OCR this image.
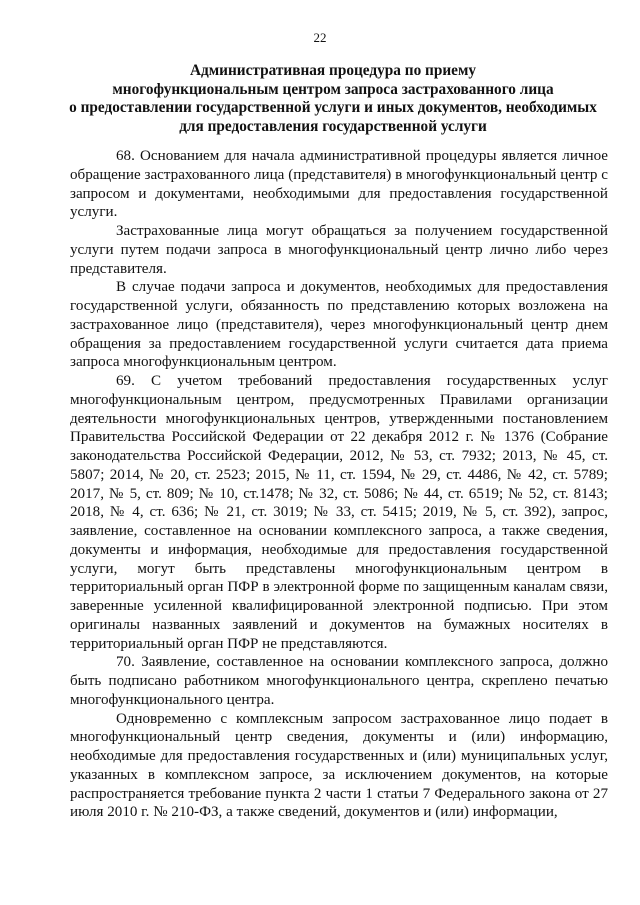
22
Административная процедура по приему
многофункциональным центром запроса застрахованного лица
о предоставлении государственной услуги и иных документов, необходимых
для предоставления государственной услуги

68. Основанием для начала административной процедуры является личное обращение застрахованного лица (представителя) в многофункциональный центр с запросом и документами, необходимыми для предоставления государственной услуги.

Застрахованные лица могут обращаться за получением государственной услуги путем подачи запроса в многофункциональный центр лично либо через представителя.

В случае подачи запроса и документов, необходимых для предоставления государственной услуги, обязанность по представлению которых возложена на застрахованное лицо (представителя), через многофункциональный центр днем обращения за предоставлением государственной услуги считается дата приема запроса многофункциональным центром.

69. С учетом требований предоставления государственных услуг многофункциональным центром, предусмотренных Правилами организации деятельности многофункциональных центров, утвержденными постановлением Правительства Российской Федерации от 22 декабря 2012 г. № 1376 (Собрание законодательства Российской Федерации, 2012, № 53, ст. 7932; 2013, № 45, ст. 5807; 2014, № 20, ст. 2523; 2015, № 11, ст. 1594, № 29, ст. 4486, № 42, ст. 5789; 2017, № 5, ст. 809; № 10, ст.1478; № 32, ст. 5086; № 44, ст. 6519; № 52, ст. 8143; 2018, № 4, ст. 636; № 21, ст. 3019; № 33, ст. 5415; 2019, № 5, ст. 392), запрос, заявление, составленное на основании комплексного запроса, а также сведения, документы и информация, необходимые для предоставления государственной услуги, могут быть представлены многофункциональным центром в территориальный орган ПФР в электронной форме по защищенным каналам связи, заверенные усиленной квалифицированной электронной подписью. При этом оригиналы названных заявлений и документов на бумажных носителях в территориальный орган ПФР не представляются.

70. Заявление, составленное на основании комплексного запроса, должно быть подписано работником многофункционального центра, скреплено печатью многофункционального центра.

Одновременно с комплексным запросом застрахованное лицо подает в многофункциональный центр сведения, документы и (или) информацию, необходимые для предоставления государственных и (или) муниципальных услуг, указанных в комплексном запросе, за исключением документов, на которые распространяется требование пункта 2 части 1 статьи 7 Федерального закона от 27 июля 2010 г. № 210-ФЗ, а также сведений, документов и (или) информации,
